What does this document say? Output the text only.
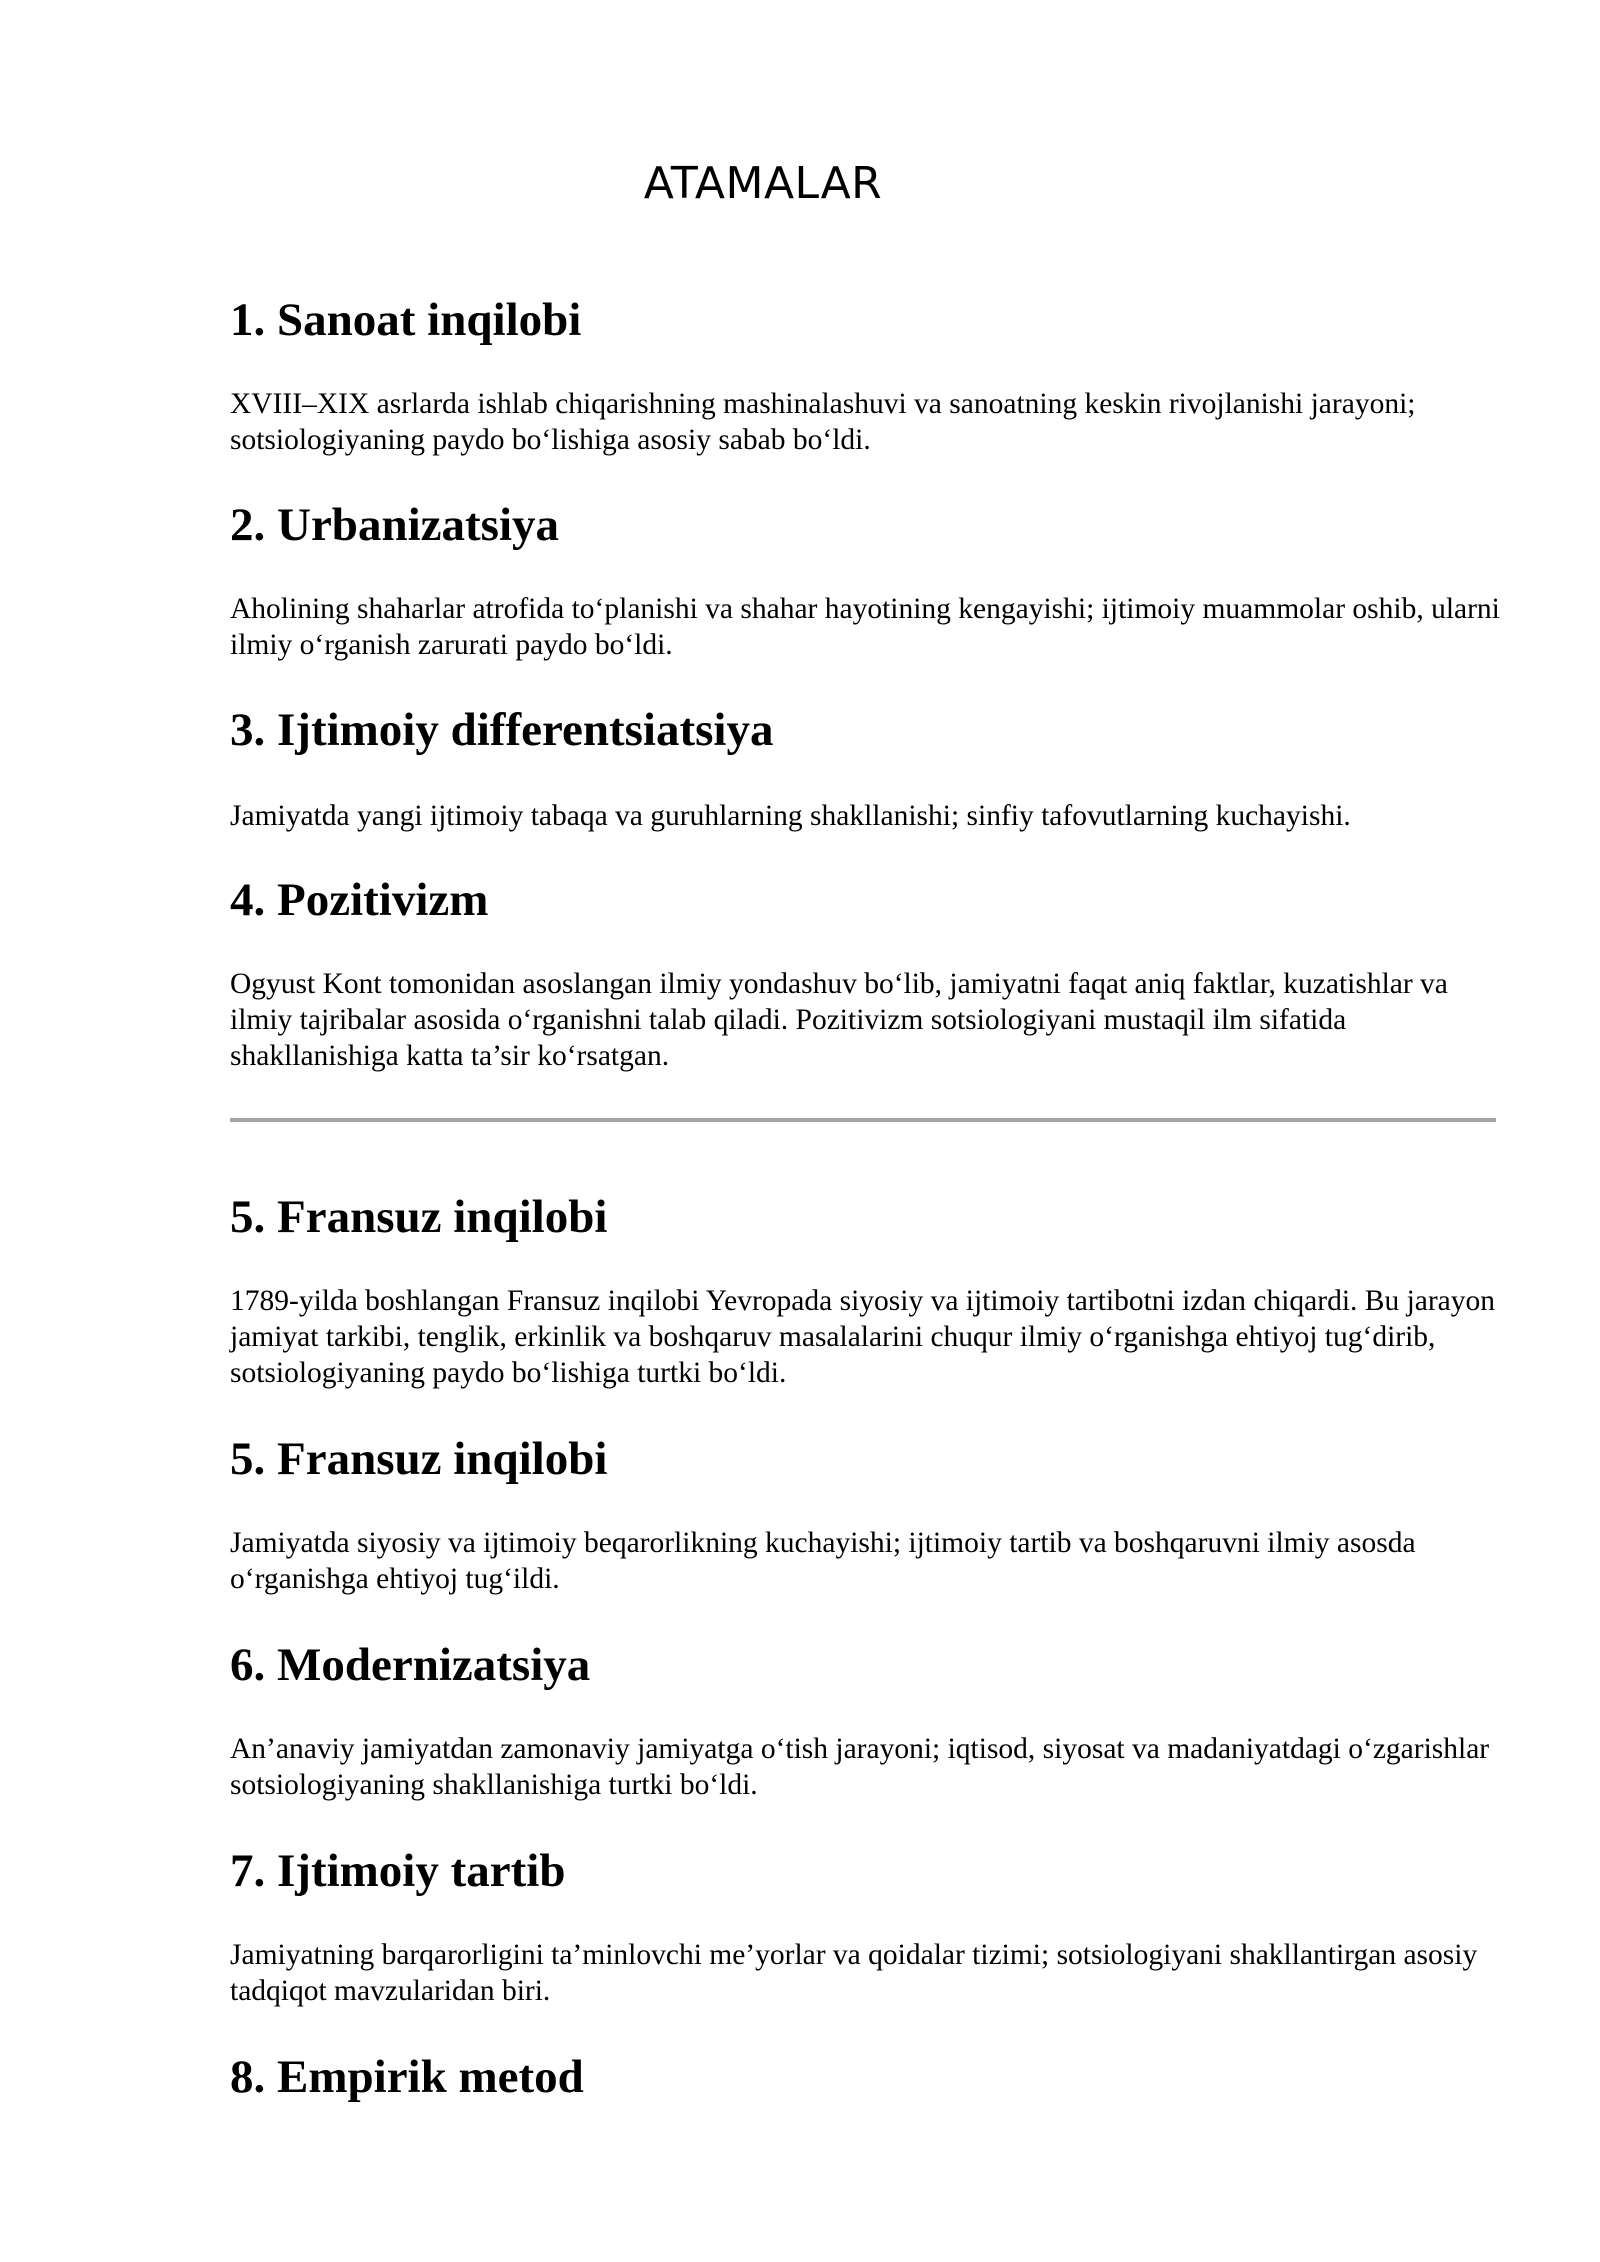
ATAMALAR
1. Sanoat inqilobi

XVIII–XIX asrlarda ishlab chiqarishning mashinalashuvi va sanoatning keskin rivojlanishi jarayoni; sotsiologiyaning paydo bo‘lishiga asosiy sabab bo‘ldi.

2. Urbanizatsiya

Aholining shaharlar atrofida to‘planishi va shahar hayotining kengayishi; ijtimoiy muammolar oshib, ularni ilmiy o‘rganish zarurati paydo bo‘ldi.

3. Ijtimoiy differentsiatsiya

Jamiyatda yangi ijtimoiy tabaqa va guruhlarning shakllanishi; sinfiy tafovutlarning kuchayishi.

4. Pozitivizm

Ogyust Kont tomonidan asoslangan ilmiy yondashuv bo‘lib, jamiyatni faqat aniq faktlar, kuzatishlar va ilmiy tajribalar asosida o‘rganishni talab qiladi. Pozitivizm sotsiologiyani mustaqil ilm sifatida shakllanishiga katta ta’sir ko‘rsatgan.

5. Fransuz inqilobi

1789-yilda boshlangan Fransuz inqilobi Yevropada siyosiy va ijtimoiy tartibotni izdan chiqardi. Bu jarayon jamiyat tarkibi, tenglik, erkinlik va boshqaruv masalalarini chuqur ilmiy o‘rganishga ehtiyoj tug‘dirib, sotsiologiyaning paydo bo‘lishiga turtki bo‘ldi.

5. Fransuz inqilobi

Jamiyatda siyosiy va ijtimoiy beqarorlikning kuchayishi; ijtimoiy tartib va boshqaruvni ilmiy asosda o‘rganishga ehtiyoj tug‘ildi.

6. Modernizatsiya

An’anaviy jamiyatdan zamonaviy jamiyatga o‘tish jarayoni; iqtisod, siyosat va madaniyatdagi o‘zgarishlar sotsiologiyaning shakllanishiga turtki bo‘ldi.

7. Ijtimoiy tartib

Jamiyatning barqarorligini ta’minlovchi me’yorlar va qoidalar tizimi; sotsiologiyani shakllantirgan asosiy tadqiqot mavzularidan biri.

8. Empirik metod
